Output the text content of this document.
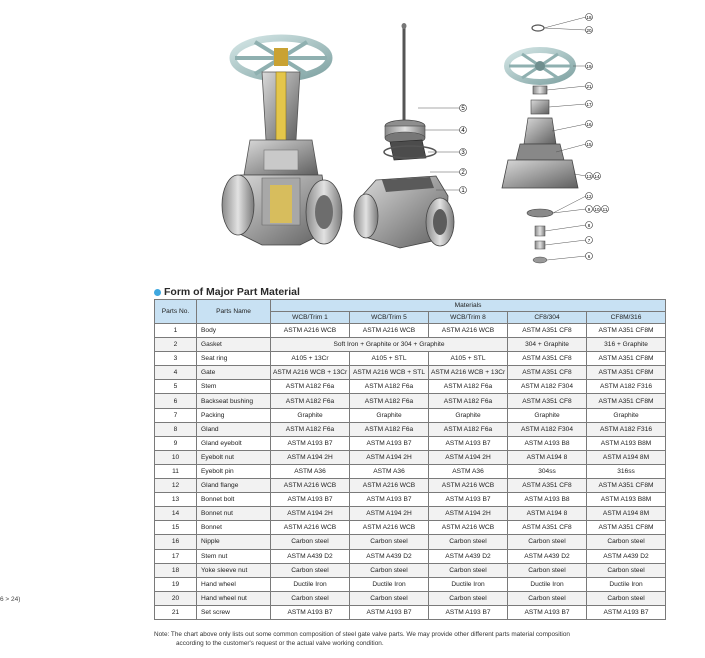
5
4
3
2
1
18
20
19
21
17
16
15
13 14
12
9 10 11
8
7
6
6 > 24)
Form of Major Part Material
Parts No.	Parts Name	Materials				
		WCB/Trim 1	WCB/Trim 5	WCB/Trim 8	CF8/304	CF8M/316
1	Body	ASTM A216 WCB	ASTM A216 WCB	ASTM A216 WCB	ASTM A351 CF8	ASTM A351 CF8M
2	Gasket	Soft Iron + Graphite or 304 + Graphite			304 + Graphite	316 + Graphite
3	Seat ring	A105 + 13Cr	A105 + STL	A105 + STL	ASTM A351 CF8	ASTM A351 CF8M
4	Gate	ASTM A216 WCB + 13Cr	ASTM A216 WCB + STL	ASTM A216 WCB + 13Cr	ASTM A351 CF8	ASTM A351 CF8M
5	Stem	ASTM A182 F6a	ASTM A182 F6a	ASTM A182 F6a	ASTM A182 F304	ASTM A182 F316
6	Backseat bushing	ASTM A182 F6a	ASTM A182 F6a	ASTM A182 F6a	ASTM A351 CF8	ASTM A351 CF8M
7	Packing	Graphite	Graphite	Graphite	Graphite	Graphite
8	Gland	ASTM A182 F6a	ASTM A182 F6a	ASTM A182 F6a	ASTM A182 F304	ASTM A182 F316
9	Gland eyebolt	ASTM A193 B7	ASTM A193 B7	ASTM A193 B7	ASTM A193 B8	ASTM A193 B8M
10	Eyebolt nut	ASTM A194 2H	ASTM A194 2H	ASTM A194 2H	ASTM A194 8	ASTM A194 8M
11	Eyebolt pin	ASTM A36	ASTM A36	ASTM A36	304ss	316ss
12	Gland flange	ASTM A216 WCB	ASTM A216 WCB	ASTM A216 WCB	ASTM A351 CF8	ASTM A351 CF8M
13	Bonnet bolt	ASTM A193 B7	ASTM A193 B7	ASTM A193 B7	ASTM A193 B8	ASTM A193 B8M
14	Bonnet nut	ASTM A194 2H	ASTM A194 2H	ASTM A194 2H	ASTM A194 8	ASTM A194 8M
15	Bonnet	ASTM A216 WCB	ASTM A216 WCB	ASTM A216 WCB	ASTM A351 CF8	ASTM A351 CF8M
16	Nipple	Carbon steel	Carbon steel	Carbon steel	Carbon steel	Carbon steel
17	Stem nut	ASTM A439 D2	ASTM A439 D2	ASTM A439 D2	ASTM A439 D2	ASTM A439 D2
18	Yoke sleeve nut	Carbon steel	Carbon steel	Carbon steel	Carbon steel	Carbon steel
19	Hand wheel	Ductile Iron	Ductile Iron	Ductile Iron	Ductile Iron	Ductile Iron
20	Hand wheel nut	Carbon steel	Carbon steel	Carbon steel	Carbon steel	Carbon steel
21	Set screw	ASTM A193 B7	ASTM A193 B7	ASTM A193 B7	ASTM A193 B7	ASTM A193 B7
Note: The chart above only lists out some common composition of steel gate valve parts. We may provide other different parts material composition
according to the customer's request or the actual valve working condition.
